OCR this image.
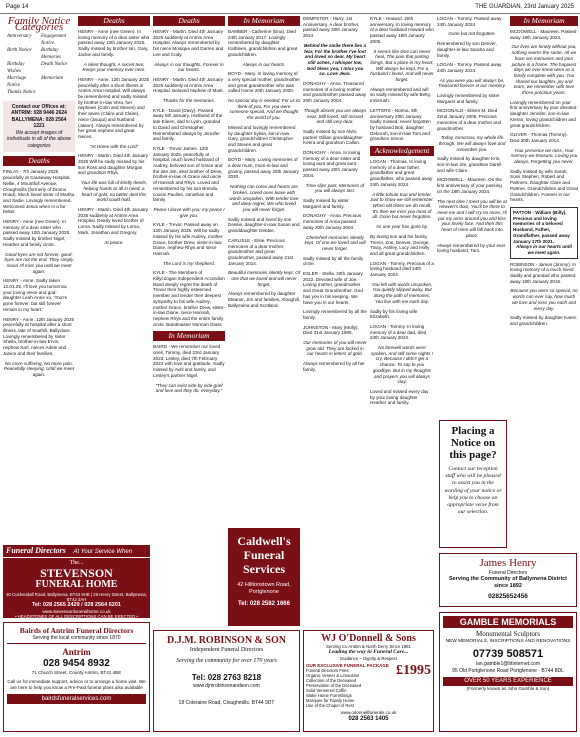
Page 14	THE GUARDIAN, 23rd January 2025
Family Notice Categories
Anniversary	Engagement Notice
Birth Notice	Birthday Memories
Birthday Wishes
Death Notice
Marriage Notice
Memoriam
Thanks Notice
Contact our Offices at:
ANTRIM: 028 9446 2624
BALLYMENA: 028 2564 1221
We accept images of individuals in all of the above categories
Deaths
FINLAY - 7th January 2025 peacefully at Causeway Hospital, Nellie, 4 Mountfull Avenue, Cloughmills (formerly of Dromo Road). Much loved sister of Martha and Sadie. Lovingly remembered. Welcomed Jesus when in a far better.
HENRY - Anne (nee Green). In memory of a dear sister who passed away 12th January 2025. Sadly missed by brother Nigel, Heather and family circle.
Good-byes are not forever, good-byes are not the end. They simply mean I'll miss you until we meet again.
HENRY - Anne. Sadly taken 12.01.25. I'll love you tomorrow, your loving niece and god-daughter Leah-Anne xo. 'You're gone forever, but still forever remain in my heart.'
HENRY - Anne. 12th January 2025 peacefully at hospital after a short illness, late of Southill, Ballyclare. Lovingly remembered by sister Sheila, brother-in-law Ervin, nephew Karl, nieces Adele and Janice and their families.
No more suffering, No more pain. Peacefully sleeping, Until we meet again.
Deaths
HENRY - Anne (nee Green). In loving memory of a dear sister who passed away 12th January 2025. Sadly missed by brother Ian, Gary, Jackie and family.
A silent thought, A secret tear, Keeps your memory ever near.
HENRY - Anne. 12th January 2025 peacefully after a short illness in Antrim Area Hospital. Will always be remembered and sadly missed by brother-in-law Vera, her nephews (Colin and Steven) and their wives (Claire and Claire), niece (Jacqui) and husband (Jason). Always remembered by her great nephew and great nieces.
"At Home with the Lord"
HENRY - Martin. Died 4th January 2025 Will be sadly missed by his son Ross and daughter Morgan and grandson Rhys.
Your life was full of kindly deeds, helping hands to all in need, a heart of gold, no better deal this world could hold.
HENRY - Martin. Died 4th January 2025 suddenly at Antrim Area Hospital. Dearly loved brother of Lorna. Sadly missed by Lorna, Mark, Jonathan and Gregory.
At peace.
Deaths
HENRY - Martin. Died 4th January 2025 suddenly at Antrim Area Hospital. Always remembered by his niece Monique and Darren and Lee and Cody.
Always in our thoughts, Forever in our hearts.
HENRY - Martin. Died 4th January 2025 suddenly at Antrim Area Hospital. Beloved nephew of Mark.
Thanks for the memories.
KYLE - David (Davy). Passed away 5th January. Husband of the late Eileen, dad to Lynn, grandad to David and Christopher. Remembered always by Jennifer and family.
KYLE - Trevor James. 12th January 2025, peacefully at hospital, much loved husband of Audrey, beloved son of Grace and the late Jim, dear brother of Drew, brother-in-law of Grace and uncle of Hannah and Rhys. Loved and remembered by his son Brenda, cousin Pauline, Jonathan and family.
Peace I leave with you; my peace I give you.
KYLE - Trevor. Passed away on 12th January 2025. Will be sadly missed by his wife Audrey, mother Grace, brother Drew, sister-in-law Diane, nephew Rhys and niece Hannah.
The Lord is my shepherd.
KYLE - The Members of Killycoogan Independent Accordion Band deeply regret the death of Trevor their highly esteemed member and tender their deepest sympathy to his wife Audrey, mother Grace, brother Drew, sister-in-law Diane, niece Hannah, nephew Rhys and the entire family circle. Bandmaster Norman Glass
In Memoriam
BAIRD - We remember our loved ones, Tommy, died 23rd January 2023; Lesley, died 7th February 2023 with love and gratitude. Sadly missed by Avril and family, and Lesley's partner Nigel.
"They can exist side by side grief and love and they do, everyday."
In Memoriam
BAMBER - Catherine (Ena). Died 24th January 2017. Lovingly remembered by daughter Kathleen, grandchildren and great grandchildren.
Always in our hearts.
BOYD - Mary. In loving memory of a very special mother, grandmother and great grandmother who was called Home 20th January 2020.
No special day is needed, For us to think of you, For you were someone special, And we thought the world of you.
Missed and lovingly remembered by daughter Sylvia, son-in-law Gary, grandchildren Christopher and Steven and great grandchildren.
BOYD - Mary. Loving memories of a dear mum, mum-in-law and granny, passed away 20th January 2020.
Nothing can come and hearts are broken, Loved ones leave with words unspoken, With tender love and deep regret, We who loved you will never forget.
Sadly missed and loved by son Dessie, daughter-in-law Susan and granddaughter Debbie.
CARLISLE - Elsie. Precious memories of a dear mother, grandmother and great grandmother, passed away 21st January 2014.
Beautiful memories silently kept, Of one that we loved and will never forget.
Always remembered by daughter Eleanor, Jim and families, Aloughill, Ballymena and Scotland.
Caldwell's
Funeral
Services
42 Hilltonstown Road, Portglenone
Tel: 028 2582 1666
DEMPSTER - Harry. 1st Anniversary. A dear brother, passed away 20th January 2024.
Behind the smile there lies a tear, For the brother I've lost and loved so dear, My heart still aches, I whisper low, God bless you, I miss you so. Love Jean.
DONAGHY - Anna. Treasured memories of a loving mother and grandmother passed away 20th January 2004.
Though absent you are always near, Still loved, still missed and still very dear.
Sadly missed by son Alvin, partner Gillian granddaughter Keera and grandson Callan.
DONAGHY - Anna. In loving memory of a dear sister and loving aunt and great aunt passed away 20th January 2004.
Time slips past, Memories of you will always last.
Sadly missed by sister Margaret and family.
DONAGHY - Anna. Precious memories of Anna passed away 20th January 2004.
Cherished memories silently kept, Of one we loved and will never forget.
Sadly missed by all the family circle.
ESLER - Stella. 20th January 2022. Devoted wife of Joe. Loving mother, grandmother and Great Grandmother. God has you in his keeping. We have you in our hearts.
Lovingly remembered by all the family.
JOHNSTON - Mary (Molly). Died 21st January 1995.
Our memories of you will never grow old, They are locked in our hearts in letters of gold.
Always remembered by all her family.
KYLE - Howard. 20th anniversary. In loving memory of a dear husband Howard who passed away 19th January 2005.
It seems like time can never heal, The pain that parting brings, But a place in my heart, Will always be kept, For a husband I loved, And will never forget.
Always remembered and will so sadly missed by wife Betty, Innisrush.
LETTERS - Norma, 6th anniversary 20th January Sadly missed, never forgotten by husband Bob, daughter Deborah, son-in-law Tom and grandson Simon.
Acknowledgement
LOGAN - Thomas. In loving memory of a dear father, grandfather and great grandfather, who passed away 24th January 2024.
A little tribute true and tender, Just to show we still remember. When old times we do recall, It's then we miss you most of all. Gone but never forgotten.
As one year has gone by.
By loving son and his family, Trevor, Zoe, Denver, George, Tracy, Ashley, Lucy and Holly and all great grandchildren.
LOGAN - Tommy. Precious of a loving husband died 24th January 2024.
You left with words unspoken, You quietly slipped away, But along the path of memories, You live with me each day.
Sadly by his loving wife Elizabeth.
LOGAN - Tommy. In loving memory of a dear dad, died 24th January 2024.
No farewell words were spoken, And still some nights I cry, Because I didn't get a chance, To say to you goodbye. But in my thoughts and prayers you will always stay.
Loved and missed every day by your loving daughter Heather and family.
LOGAN - Tommy. Passed away 24th January 2024.
Gone but not forgotten.
Remembered by son Denver, daughter-in-law Sandra and family.
LOGAN - Tommy. Passed away 24th January 2024.
As you were you will always be, Treasured forever in our memory.
Lovingly remembered by sister Margaret and family.
MCDONALD - Eileen M. Died 22nd January 2005. Precious memories of a dear mother and grandmother.
Today, tomorrow, my whole life through, We will always love and remember you.
Sadly missed by daughter Kris, son-in-law Jim, grandson Darell and wife Claire.
MCDOWELL - Maureen. On the first anniversary of your passing on the 18th January 2024.
The next time I meet you will be at Heaven's door, You'll be there to meet me and I will cry no more, I'll put my arms around you and kiss your lovely face, And then this heart of mine will fall back into place.
Always remembered by your ever loving husband, Tam.
Placing a Notice on this page?
Contact our reception staff who will be pleased to assist you in the wording of your notice or help you to choose an appropriate verse from our selection.
James Henry
Funeral Directors
Serving the Community of Ballymena District since 1892
02825652456
In Memoriam
MCDOWELL - Maureen. Passed away 18th January 2024.
Our lives are lonely without you, nothing seems the same. All we have are memories and your picture in a frame. The happiest days we ever knew were as a family complete with you. You shared our laughter, joy and tears, we remember with love those precious years.
Lovingly remembered on your first anniversary by your devoted daughter Jennifer, son-in-law Kieran, loving grandchildren and great grandchildren.
OLIVER - Thomas (Tommy). Died 20th January 2014.
Your presence we miss, Your memory we treasure, Loving you always, Forgetting you never.
Sadly missed by wife Sarah, Sons Stephen, Robert and Partners, Daughter Clare and Partner, Grandchildren and Great Grandchildren. Forever in our hearts.
PATTON - William (Billy). Precious and loving memories of a beloved Husband, Father, Grandfather, passed away January 17th 2021.
Always in our hearts until we meet again.
ROBINSON - James (Jimmy). In loving memory of a much loved daddy and grandad who passed away 18th January 2016.
Because you were so special, no words can ever say, how much we love and miss you each and every day.
Sadly missed by daughter Karen and grandchildren.
Funeral Directors At Your Service When
The...
STEVENSON
FUNERAL HOME
30 Cushendall Road, Ballymena, BT43 6HB | 28 Henry Street, Ballymena, BT42 3AH
Tel: 028 2565 2429 / 028 2564 6201
www.stevensonfuneralhome.co.uk
• HEADSTONES OF ALL DESCRIPTIONS CAN BE ERECTED •
Bairds of Antrim Funeral Directors
Serving the local community since 1870
Antrim
028 9454 8932
71 Church Street, County Antrim, BT41 4BE
Call us for immediate support, advice or to arrange a home visit. We are here to help you know a Pre-Paid funeral plans also available
bairdsfuneralservices.com
D.J.M. ROBINSON & SON
Independent Funeral Directors
Serving the community for over 170 years
Tel: 028 2763 8218
www.djmrobinsonandson.com
18 Coleraine Road, Cloughmills. BT44 9DT
WJ O'Donnell & Sons
Serving Co Antrim & North Derry Since 1881
Leading the way in Funeral Care...
Guidance – Dignity & Respect
OUR EXCLUSIVE FUNERAL PACKAGE
Funeral Directors Fees
Organic Veneer & Limousine
Collection of the Deceased
Preservation of the Deceased
Solid Veneered Coffin
Wake Home Furnishings
Marquee for Family Home
Use of the Chapel of Rest
£1995
www.odonnellfunerals.co.uk
028 2563 1405
GAMBLE MEMORIALS
Monumental Sculptors
NEW MEMORIALS, INSCRIPTIONS AND RENOVATIONS
07739 508571
ian.gamble1@btinternet.com
95 Old Portglenone Road Portglenone · BT44 8DL
OVER 50 YEARS EXPERIENCE
(Formerly known as John Gamble & Son)
